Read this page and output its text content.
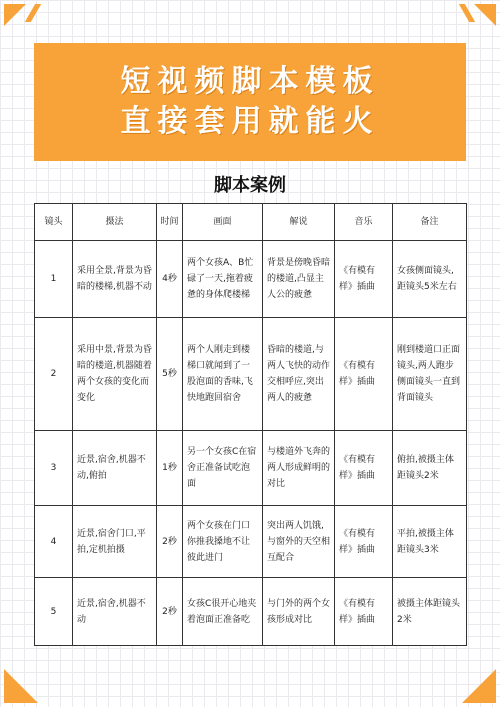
短视频脚本模板
直接套用就能火
脚本案例
镜头	摄法	时间	画面	解说	音乐	备注
1	采用全景,背景为昏暗的楼梯,机器不动	4秒	两个女孩A、B忙碌了一天,拖着疲惫的身体爬楼梯	背景是傍晚昏暗的楼道,凸显主人公的疲惫	《有模有样》插曲	女孩侧面镜头,距镜头5米左右
2	采用中景,背景为昏暗的楼道,机器随着两个女孩的变化而变化	5秒	两个人刚走到楼梯口就闻到了一股泡面的香味,飞快地跑回宿舍	昏暗的楼道,与两人飞快的动作交相呼应,突出两人的疲惫	《有模有样》插曲	刚到楼道口正面镜头,两人跑步侧面镜头一直到背面镜头
3	近景,宿舍,机器不动,俯拍	1秒	另一个女孩C在宿舍正准备试吃泡面	与楼道外飞奔的两人形成鲜明的对比	《有模有样》插曲	俯拍,被摄主体距镜头2米
4	近景,宿舍门口,平拍,定机拍摄	2秒	两个女孩在门口你推我搡地不让彼此进门	突出两人饥饿,与窗外的天空相互配合	《有模有样》插曲	平拍,被摄主体距镜头3米
5	近景,宿舍,机器不动	2秒	女孩C很开心地夹着泡面正准备吃	与门外的两个女孩形成对比	《有模有样》插曲	被摄主体距镜头2米
